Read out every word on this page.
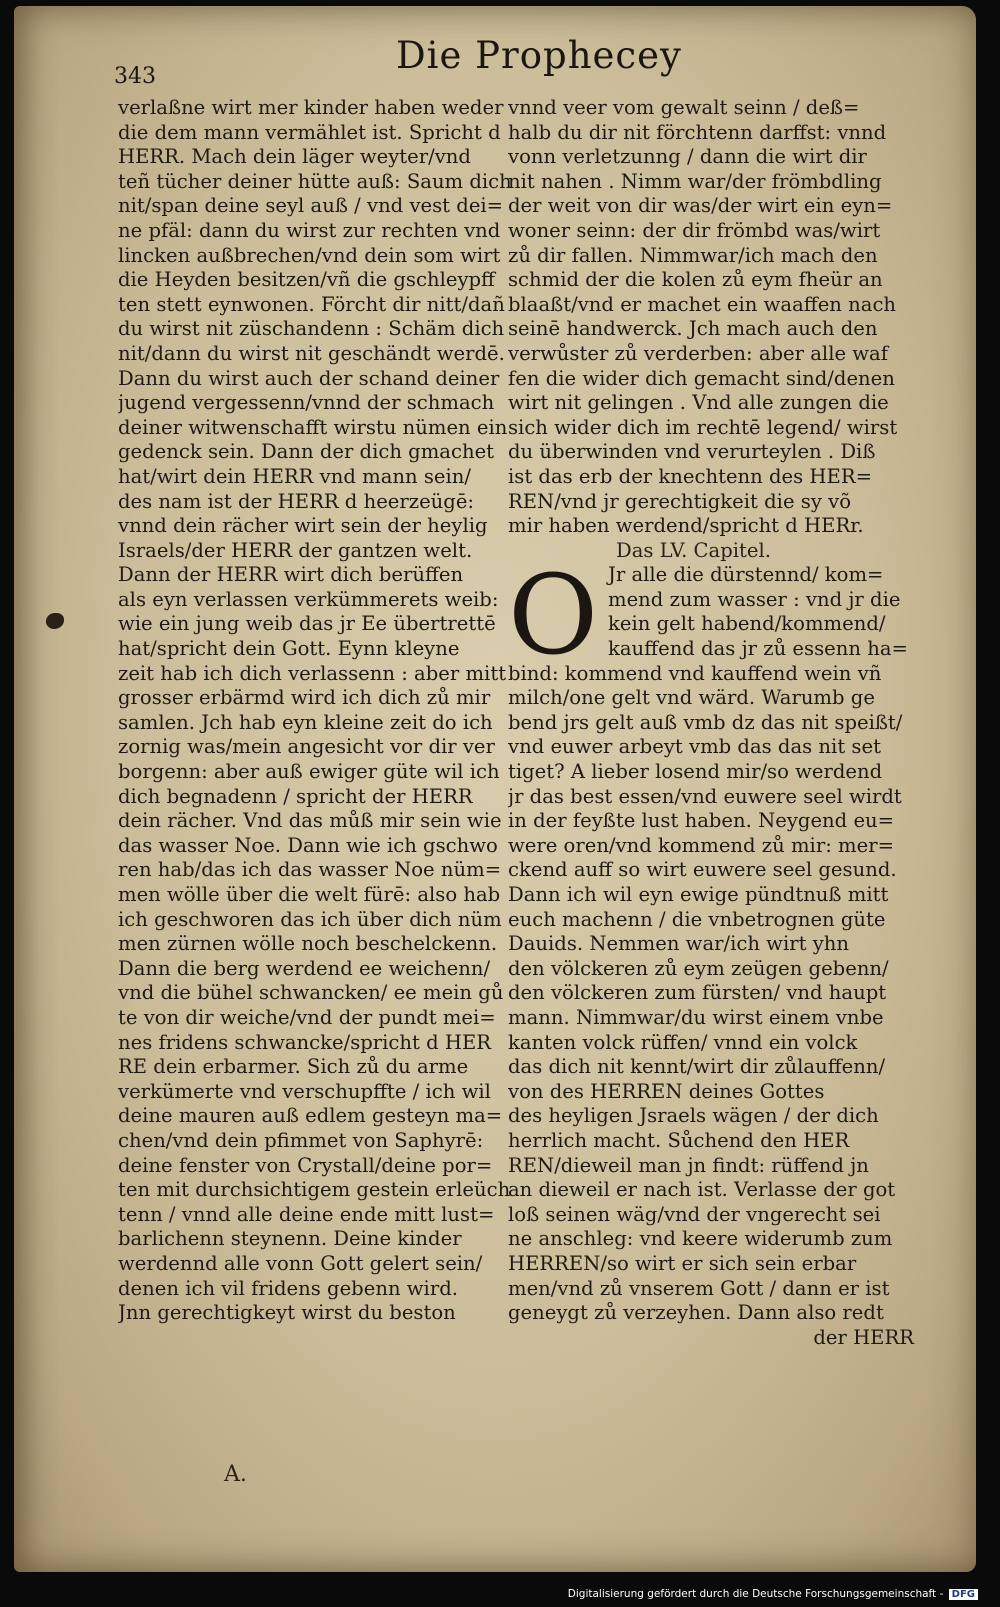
343	Die Prophecey
verlaßne wirt mer kinder haben weder
die dem mann vermählet ist. Spricht d
HERR. Mach dein läger weyter/vnd
teñ tücher deiner hütte auß: Saum dich
nit/span deine seyl auß / vnd vest dei=
ne pfäl: dann du wirst zur rechten vnd
lincken außbrechen/vnd dein som wirt
die Heyden besitzen/vñ die gschleypff
ten stett eynwonen. Förcht dir nitt/dañ
du wirst nit züschandenn : Schäm dich
nit/dann du wirst nit geschändt werdē.
Dann du wirst auch der schand deiner
jugend vergessenn/vnnd der schmach
deiner witwenschafft wirstu nümen ein
gedenck sein. Dann der dich gmachet
hat/wirt dein HERR vnd mann sein/
des nam ist der HERR d heerzeügē:
vnnd dein rächer wirt sein der heylig
Israels/der HERR der gantzen welt.
Dann der HERR wirt dich berüffen
als eyn verlassen verkümmerets weib:
wie ein jung weib das jr Ee übertrettē
hat/spricht dein Gott. Eynn kleyne
zeit hab ich dich verlassenn : aber mitt
grosser erbärmd wird ich dich zů mir
samlen. Jch hab eyn kleine zeit do ich
zornig was/mein angesicht vor dir ver
borgenn: aber auß ewiger güte wil ich
dich begnadenn / spricht der HERR
dein rächer. Vnd das můß mir sein wie
das wasser Noe. Dann wie ich gschwo
ren hab/das ich das wasser Noe nüm=
men wölle über die welt fürē: also hab
ich geschworen das ich über dich nüm
men zürnen wölle noch beschelckenn.
Dann die berg werdend ee weichenn/
vnd die bühel schwancken/ ee mein gů
te von dir weiche/vnd der pundt mei=
nes fridens schwancke/spricht d HER
RE dein erbarmer. Sich zů du arme
verkümerte vnd verschupffte / ich wil
deine mauren auß edlem gesteyn ma=
chen/vnd dein pfimmet von Saphyrē:
deine fenster von Crystall/deine por=
ten mit durchsichtigem gestein erleüch
tenn / vnnd alle deine ende mitt lust=
barlichenn steynenn. Deine kinder
werdennd alle vonn Gott gelert sein/
denen ich vil fridens gebenn wird.
Jnn gerechtigkeyt wirst du beston
vnnd veer vom gewalt seinn / deß=
halb du dir nit förchtenn darffst: vnnd
vonn verletzunng / dann die wirt dir
nit nahen . Nimm war/der frömbdling
der weit von dir was/der wirt ein eyn=
woner seinn: der dir frömbd was/wirt
zů dir fallen. Nimmwar/ich mach den
schmid der die kolen zů eym fheür an
blaaßt/vnd er machet ein waaffen nach
seinē handwerck. Jch mach auch den
verwůster zů verderben: aber alle waf
fen die wider dich gemacht sind/denen
wirt nit gelingen . Vnd alle zungen die
sich wider dich im rechtē legend/ wirst
du überwinden vnd verurteylen . Diß
ist das erb der knechtenn des HER=
REN/vnd jr gerechtigkeit die sy võ
mir haben werdend/spricht d HERr.
Das LV. Capitel.
O Jr alle die dürstennd/ kom=
mend zum wasser : vnd jr die
kein gelt habend/kommend/
kauffend das jr zů essenn ha=
bind: kommend vnd kauffend wein vñ
milch/one gelt vnd wärd. Warumb ge
bend jrs gelt auß vmb dz das nit speißt/
vnd euwer arbeyt vmb das das nit set
tiget? A lieber losend mir/so werdend
jr das best essen/vnd euwere seel wirdt
in der feyßte lust haben. Neygend eu=
were oren/vnd kommend zů mir: mer=
ckend auff so wirt euwere seel gesund.
Dann ich wil eyn ewige pündtnuß mitt
euch machenn / die vnbetrognen güte
Dauids. Nemmen war/ich wirt yhn
den völckeren zů eym zeügen gebenn/
den völckeren zum fürsten/ vnd haupt
mann. Nimmwar/du wirst einem vnbe
kanten volck rüffen/ vnnd ein volck
das dich nit kennt/wirt dir zůlauffenn/
von des HERREN deines Gottes
des heyligen Jsraels wägen / der dich
herrlich macht. Sůchend den HER
REN/dieweil man jn findt: rüffend jn
an dieweil er nach ist. Verlasse der got
loß seinen wäg/vnd der vngerecht sei
ne anschleg: vnd keere widerumb zum
HERREN/so wirt er sich sein erbar
men/vnd zů vnserem Gott / dann er ist
geneygt zů verzeyhen. Dann also redt
der HERR
A.
Digitalisierung gefördert durch die Deutsche Forschungsgemeinschaft - DFG
